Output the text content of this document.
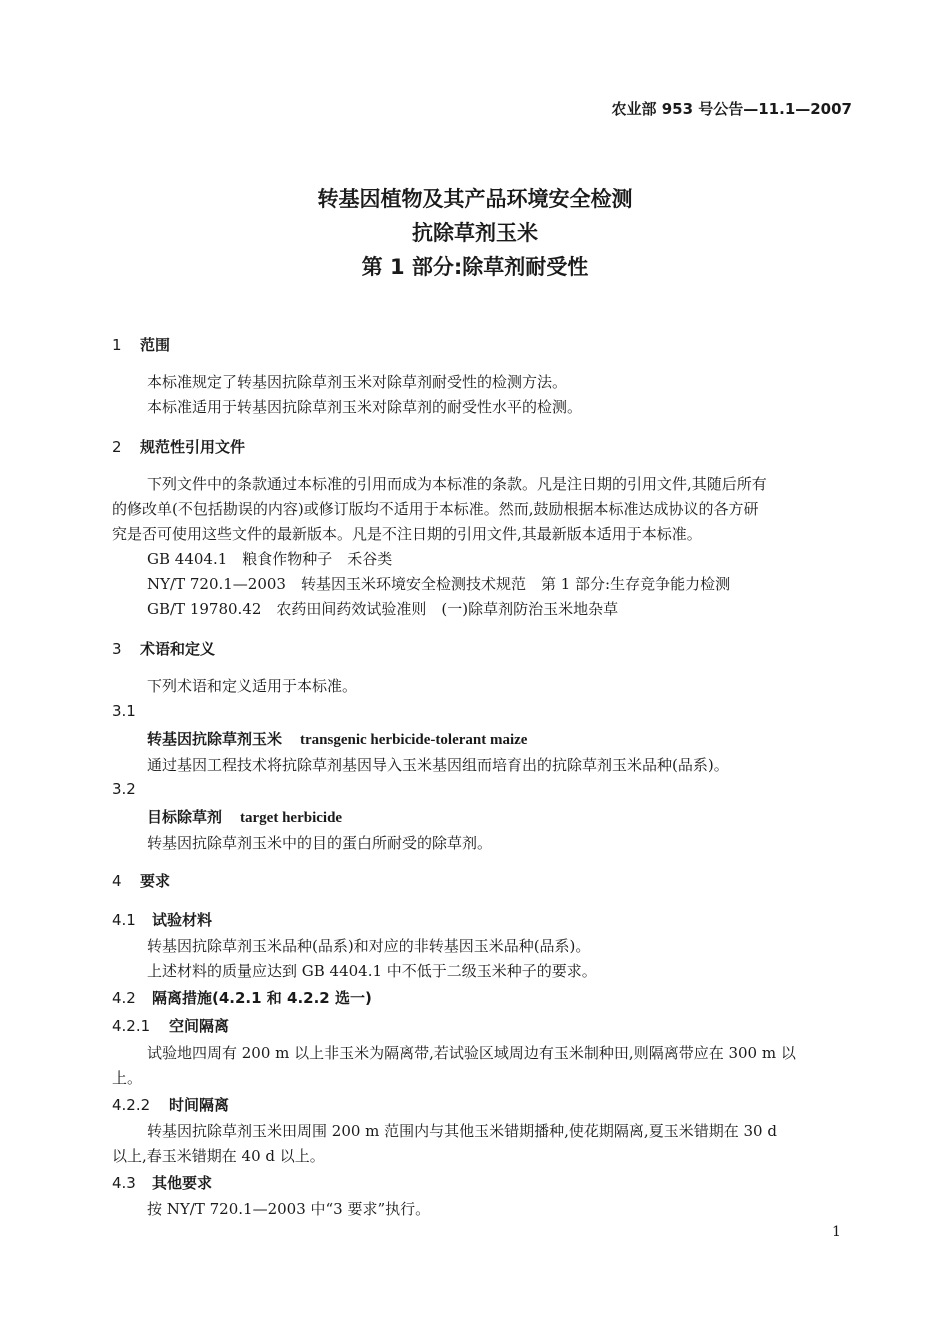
农业部 953 号公告—11.1—2007
转基因植物及其产品环境安全检测
抗除草剂玉米
第 1 部分:除草剂耐受性
1 范围
本标准规定了转基因抗除草剂玉米对除草剂耐受性的检测方法。
本标准适用于转基因抗除草剂玉米对除草剂的耐受性水平的检测。
2 规范性引用文件
下列文件中的条款通过本标准的引用而成为本标准的条款。凡是注日期的引用文件,其随后所有
的修改单(不包括勘误的内容)或修订版均不适用于本标准。然而,鼓励根据本标准达成协议的各方研
究是否可使用这些文件的最新版本。凡是不注日期的引用文件,其最新版本适用于本标准。
GB 4404.1　粮食作物种子　禾谷类
NY/T 720.1—2003　转基因玉米环境安全检测技术规范　第 1 部分:生存竞争能力检测
GB/T 19780.42　农药田间药效试验准则　(一)除草剂防治玉米地杂草
3 术语和定义
下列术语和定义适用于本标准。
3.1
转基因抗除草剂玉米 transgenic herbicide-tolerant maize
通过基因工程技术将抗除草剂基因导入玉米基因组而培育出的抗除草剂玉米品种(品系)。
3.2
目标除草剂 target herbicide
转基因抗除草剂玉米中的目的蛋白所耐受的除草剂。
4 要求
4.1 试验材料
转基因抗除草剂玉米品种(品系)和对应的非转基因玉米品种(品系)。
上述材料的质量应达到 GB 4404.1 中不低于二级玉米种子的要求。
4.2 隔离措施(4.2.1 和 4.2.2 选一)
4.2.1 空间隔离
试验地四周有 200 m 以上非玉米为隔离带,若试验区域周边有玉米制种田,则隔离带应在 300 m 以
上。
4.2.2 时间隔离
转基因抗除草剂玉米田周围 200 m 范围内与其他玉米错期播种,使花期隔离,夏玉米错期在 30 d
以上,春玉米错期在 40 d 以上。
4.3 其他要求
按 NY/T 720.1—2003 中“3 要求”执行。
1
